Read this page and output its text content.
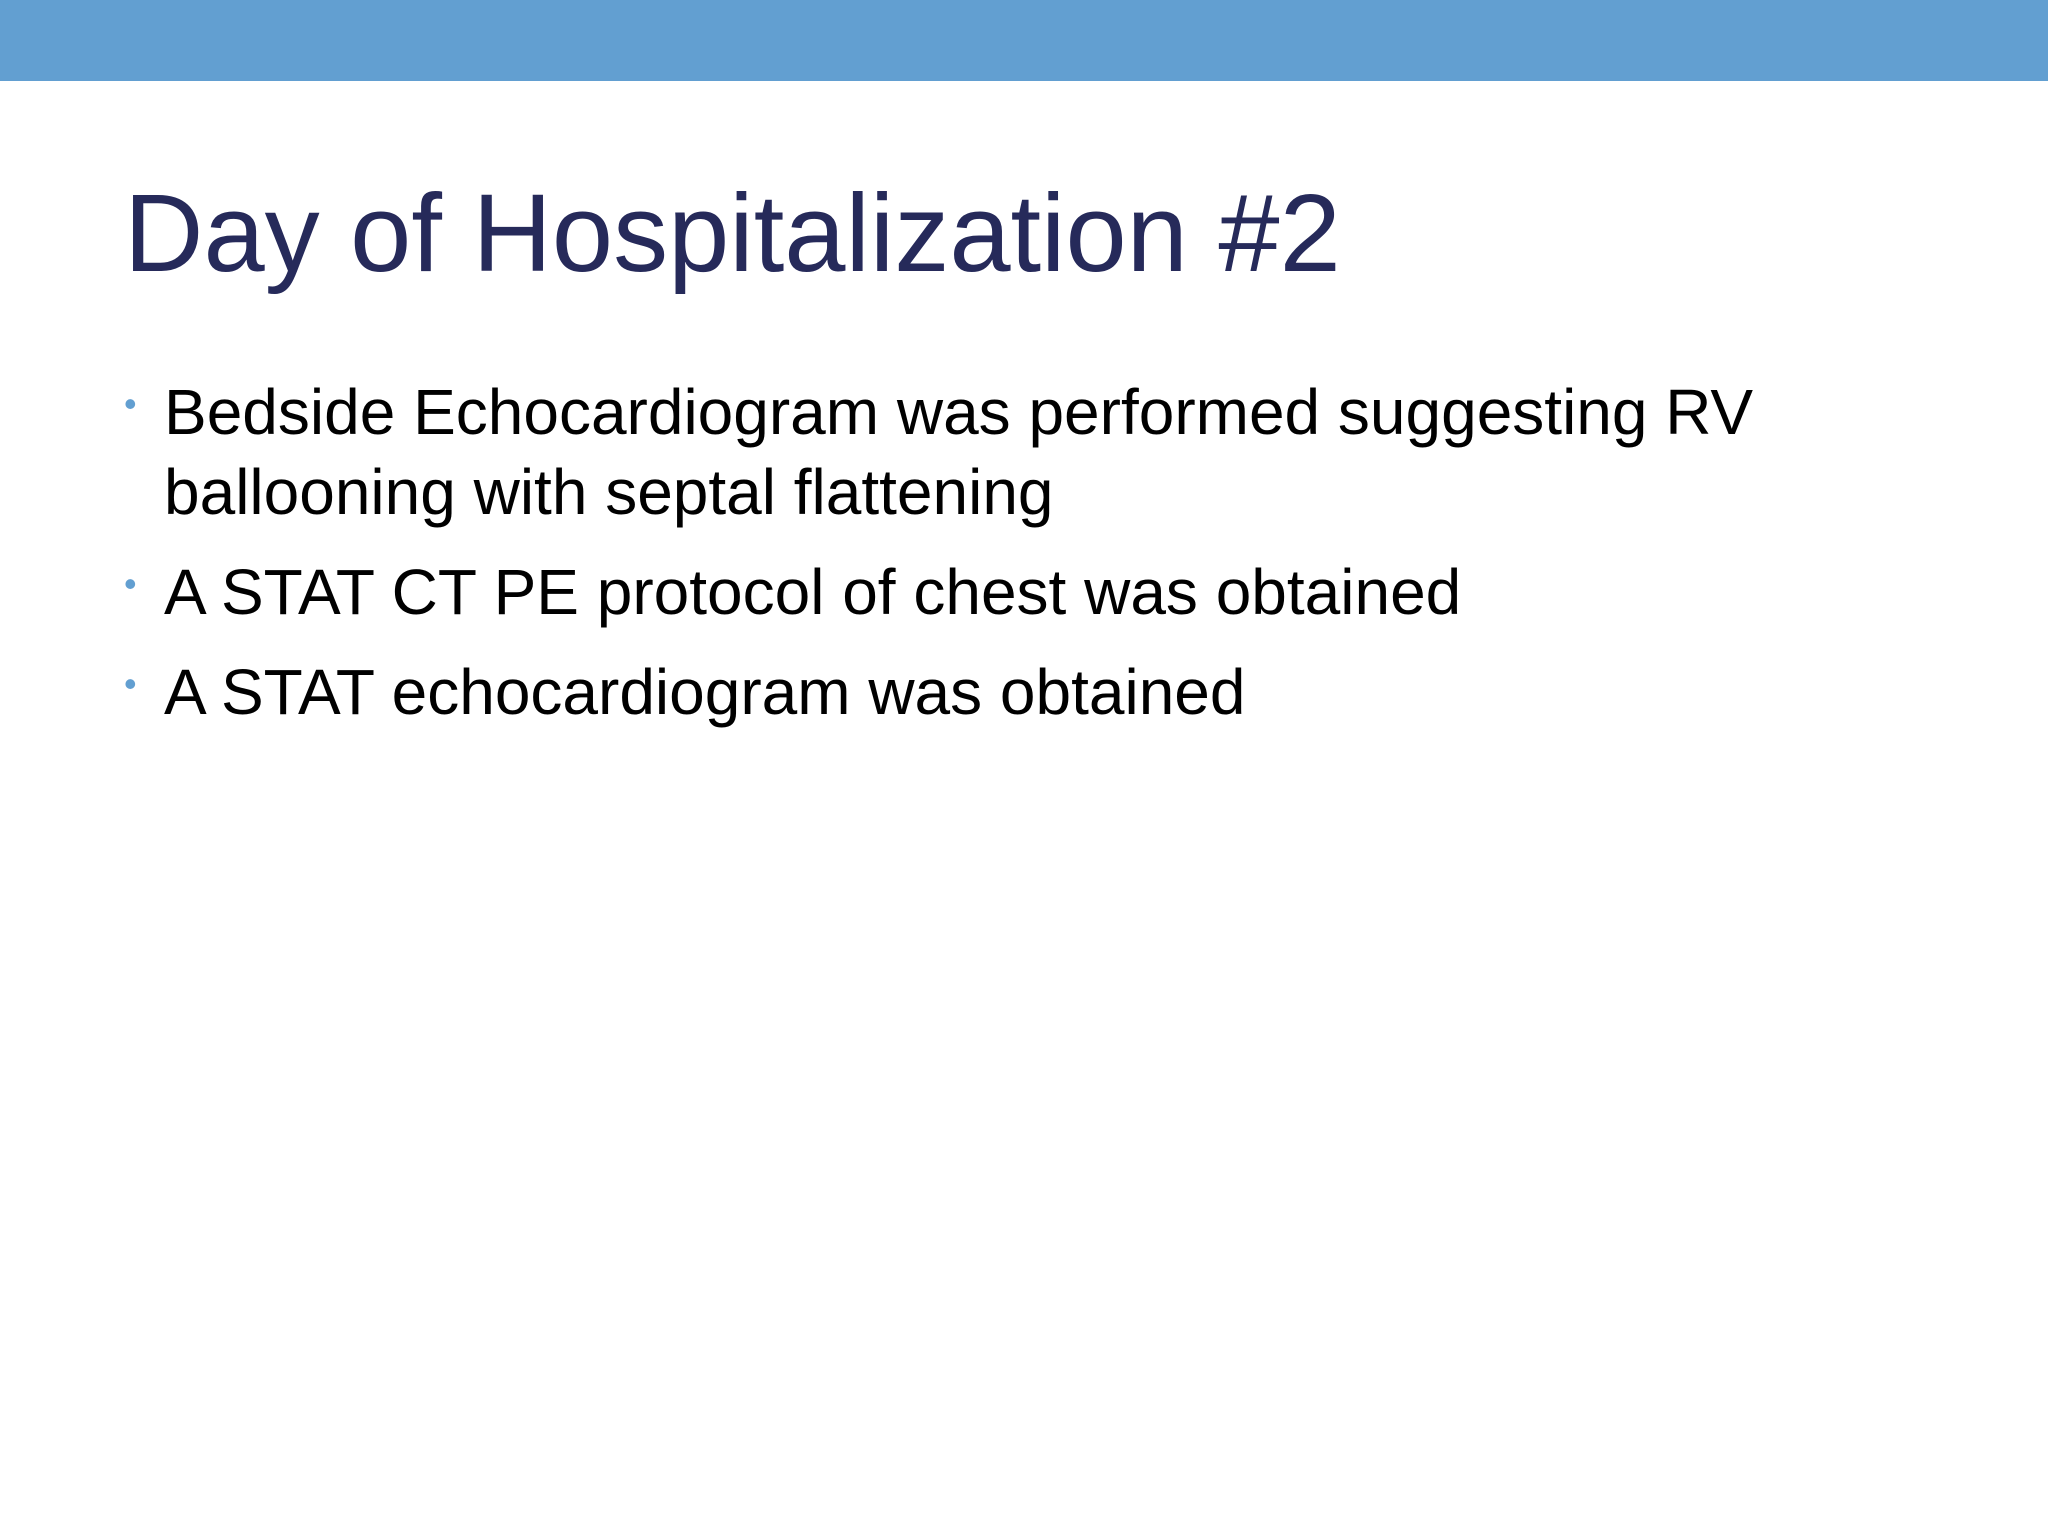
Day of Hospitalization #2
• Bedside Echocardiogram was performed suggesting RV ballooning with septal flattening
• A STAT CT PE protocol of chest was obtained
• A STAT echocardiogram was obtained
